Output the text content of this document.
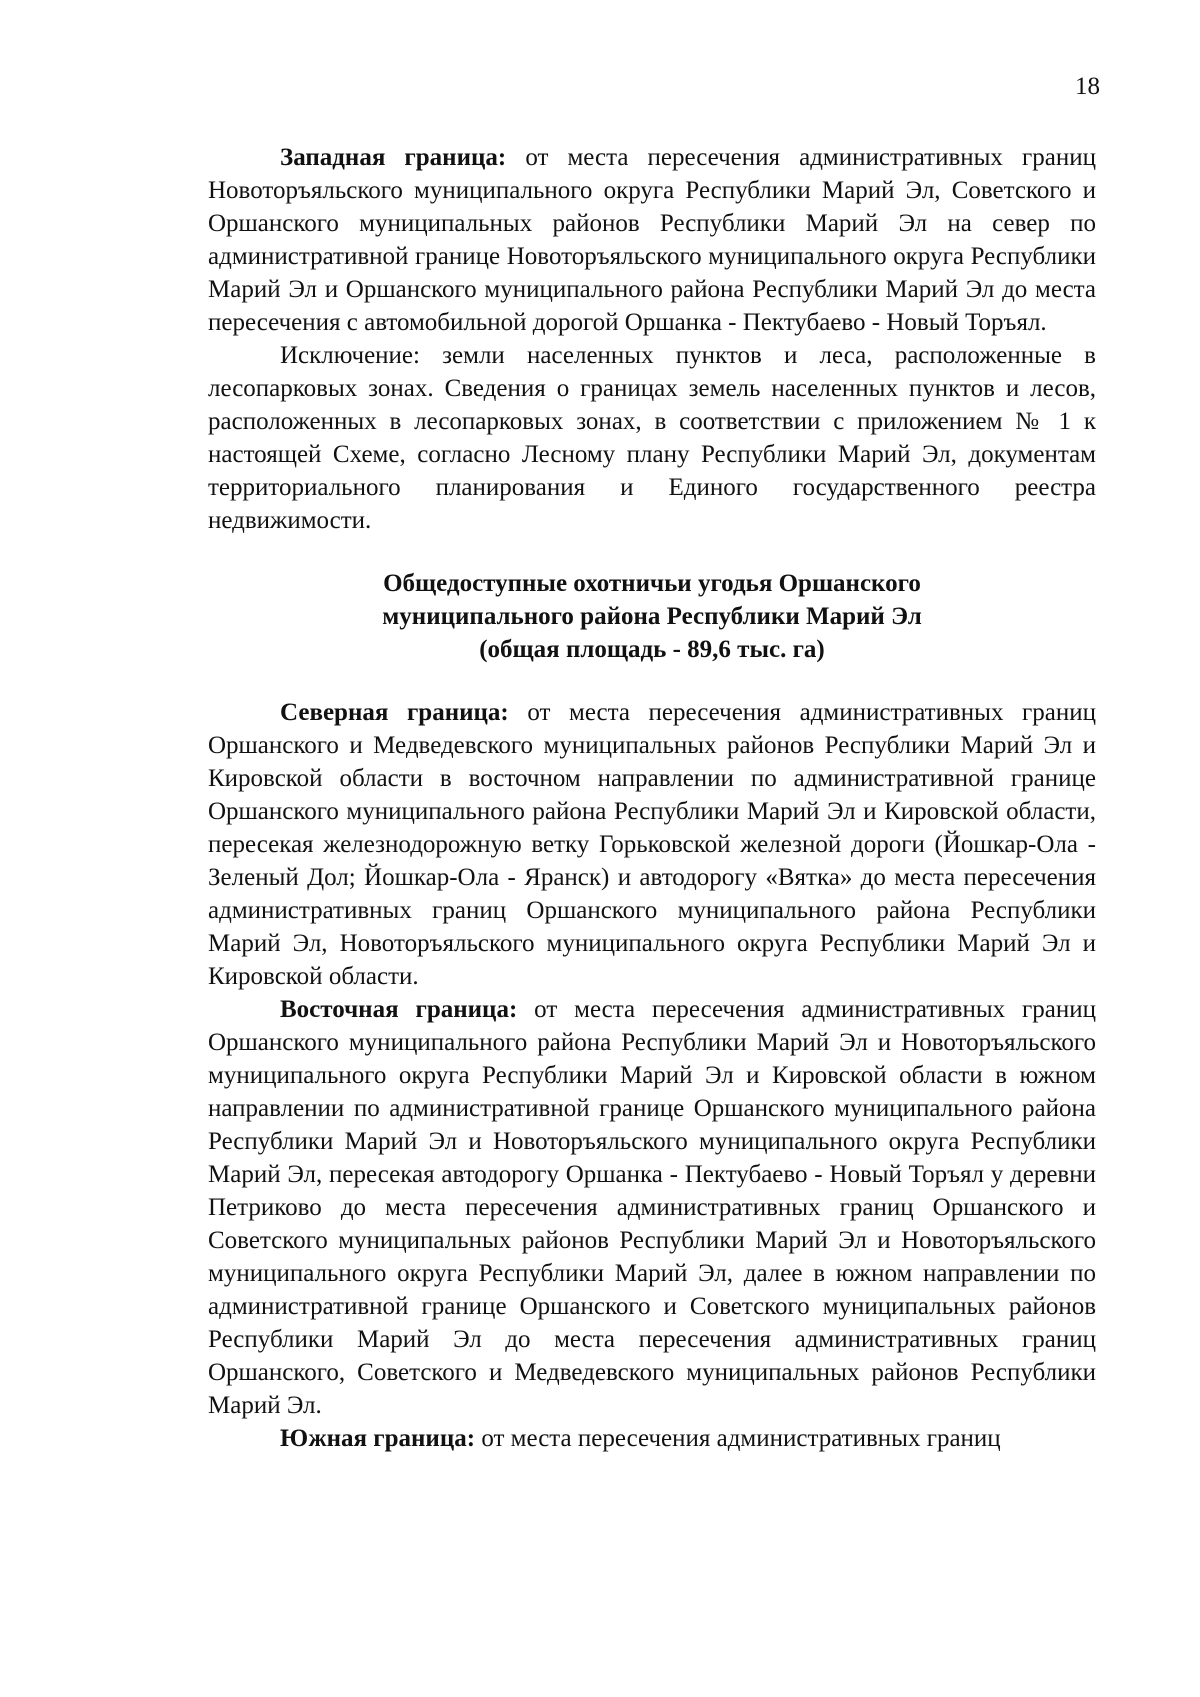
18

Западная граница: от места пересечения административных границ Новоторъяльского муниципального округа Республики Марий Эл, Советского и Оршанского муниципальных районов Республики Марий Эл на север по административной границе Новоторъяльского муниципального округа Республики Марий Эл и Оршанского муниципального района Республики Марий Эл до места пересечения с автомобильной дорогой Оршанка - Пектубаево - Новый Торъял.

Исключение: земли населенных пунктов и леса, расположенные в лесопарковых зонах. Сведения о границах земель населенных пунктов и лесов, расположенных в лесопарковых зонах, в соответствии с приложением № 1 к настоящей Схеме, согласно Лесному плану Республики Марий Эл, документам территориального планирования и Единого государственного реестра недвижимости.

Общедоступные охотничьи угодья Оршанского
муниципального района Республики Марий Эл
(общая площадь - 89,6 тыс. га)

Северная граница: от места пересечения административных границ Оршанского и Медведевского муниципальных районов Республики Марий Эл и Кировской области в восточном направлении по административной границе Оршанского муниципального района Республики Марий Эл и Кировской области, пересекая железнодорожную ветку Горьковской железной дороги (Йошкар-Ола - Зеленый Дол; Йошкар-Ола - Яранск) и автодорогу «Вятка» до места пересечения административных границ Оршанского муниципального района Республики Марий Эл, Новоторъяльского муниципального округа Республики Марий Эл и Кировской области.

Восточная граница: от места пересечения административных границ Оршанского муниципального района Республики Марий Эл и Новоторъяльского муниципального округа Республики Марий Эл и Кировской области в южном направлении по административной границе Оршанского муниципального района Республики Марий Эл и Новоторъяльского муниципального округа Республики Марий Эл, пересекая автодорогу Оршанка - Пектубаево - Новый Торъял у деревни Петриково до места пересечения административных границ Оршанского и Советского муниципальных районов Республики Марий Эл и Новоторъяльского муниципального округа Республики Марий Эл, далее в южном направлении по административной границе Оршанского и Советского муниципальных районов Республики Марий Эл до места пересечения административных границ Оршанского, Советского и Медведевского муниципальных районов Республики Марий Эл.

Южная граница: от места пересечения административных границ
